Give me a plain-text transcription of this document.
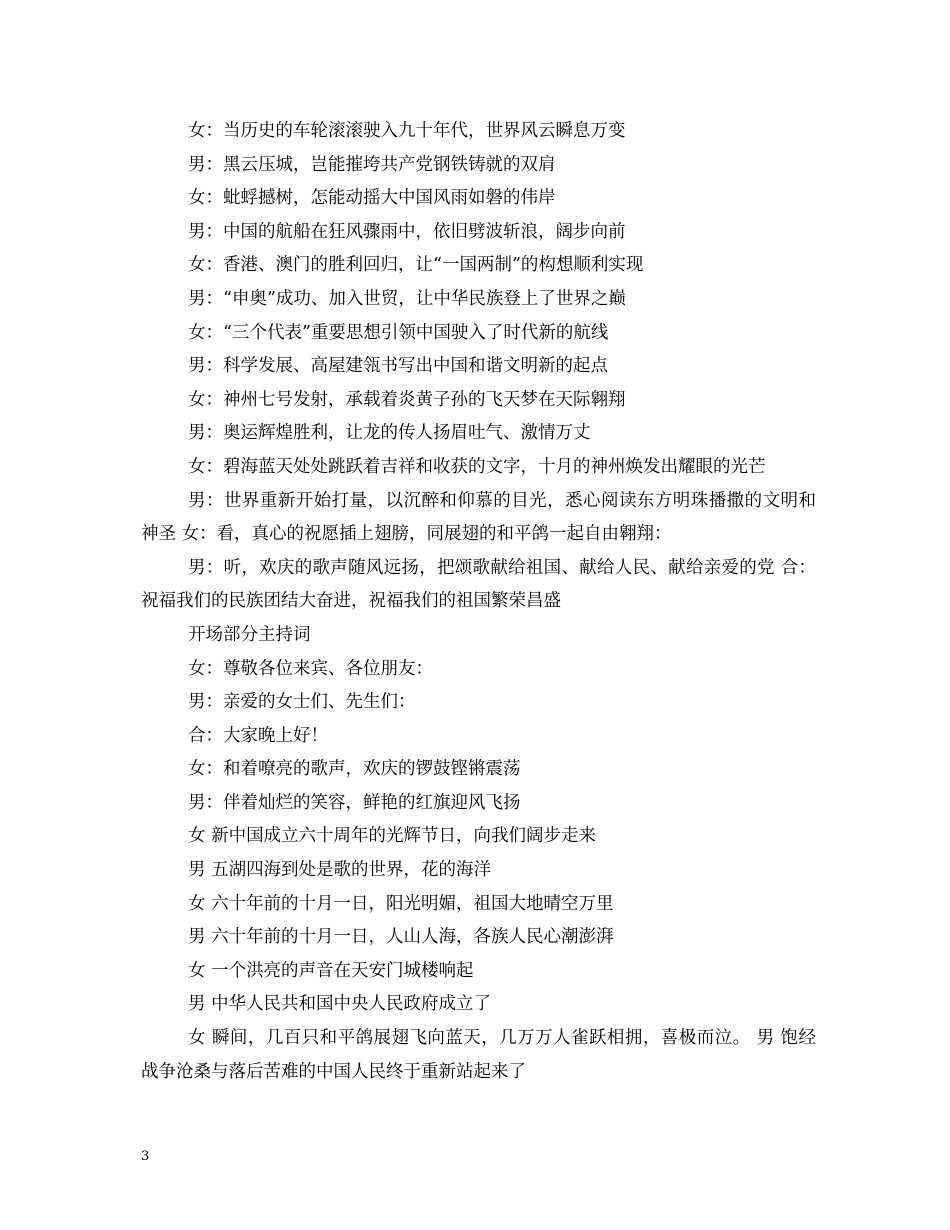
女：当历史的车轮滚滚驶入九十年代，世界风云瞬息万变

男：黑云压城，岂能摧垮共产党钢铁铸就的双肩

女：蚍蜉撼树，怎能动摇大中国风雨如磐的伟岸

男：中国的航船在狂风骤雨中，依旧劈波斩浪，阔步向前

女：香港、澳门的胜利回归，让“一国两制”的构想顺利实现

男：“申奥”成功、加入世贸，让中华民族登上了世界之巅

女：“三个代表”重要思想引领中国驶入了时代新的航线

男：科学发展、高屋建瓴书写出中国和谐文明新的起点

女：神州七号发射，承载着炎黄子孙的飞天梦在天际翱翔

男：奥运辉煌胜利，让龙的传人扬眉吐气、激情万丈

女：碧海蓝天处处跳跃着吉祥和收获的文字，十月的神州焕发出耀眼的光芒

男：世界重新开始打量，以沉醉和仰慕的目光，悉心阅读东方明珠播撒的文明和神圣 女：看，真心的祝愿插上翅膀，同展翅的和平鸽一起自由翱翔：

男：听，欢庆的歌声随风远扬，把颂歌献给祖国、献给人民、献给亲爱的党 合：祝福我们的民族团结大奋进，祝福我们的祖国繁荣昌盛

开场部分主持词

女：尊敬各位来宾、各位朋友：

男：亲爱的女士们、先生们：

合：大家晚上好！

女：和着嘹亮的歌声，欢庆的锣鼓铿锵震荡

男：伴着灿烂的笑容，鲜艳的红旗迎风飞扬

女 新中国成立六十周年的光辉节日，向我们阔步走来

男 五湖四海到处是歌的世界，花的海洋

女 六十年前的十月一日，阳光明媚，祖国大地晴空万里

男 六十年前的十月一日，人山人海，各族人民心潮澎湃

女 一个洪亮的声音在天安门城楼响起

男 中华人民共和国中央人民政府成立了

女 瞬间，几百只和平鸽展翅飞向蓝天，几万万人雀跃相拥，喜极而泣。 男 饱经战争沧桑与落后苦难的中国人民终于重新站起来了

3
